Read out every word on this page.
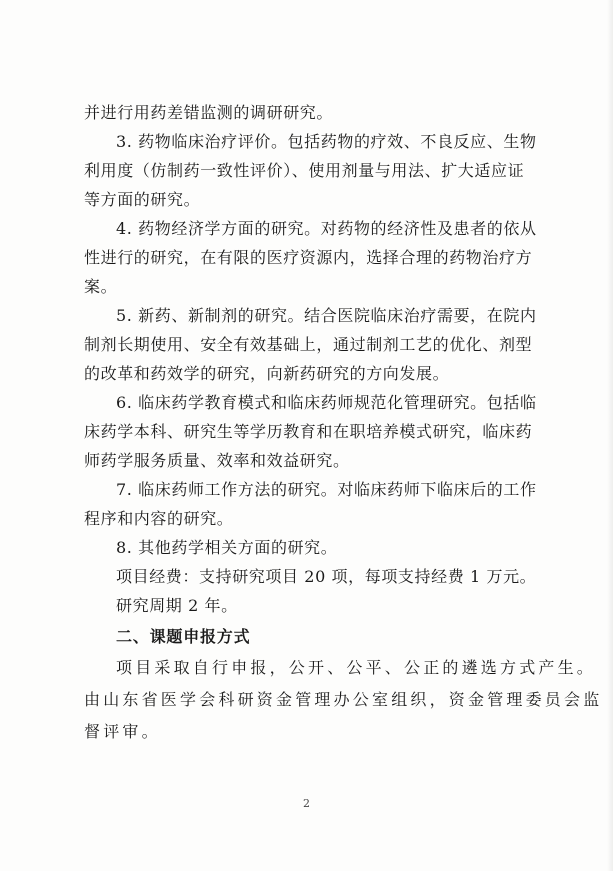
并进行用药差错监测的调研研究。
3. 药物临床治疗评价。包括药物的疗效、不良反应、生物
利用度（仿制药一致性评价）、使用剂量与用法、扩大适应证
等方面的研究。
4. 药物经济学方面的研究。对药物的经济性及患者的依从
性进行的研究，在有限的医疗资源内，选择合理的药物治疗方
案。
5. 新药、新制剂的研究。结合医院临床治疗需要，在院内
制剂长期使用、安全有效基础上，通过制剂工艺的优化、剂型
的改革和药效学的研究，向新药研究的方向发展。
6. 临床药学教育模式和临床药师规范化管理研究。包括临
床药学本科、研究生等学历教育和在职培养模式研究，临床药
师药学服务质量、效率和效益研究。
7. 临床药师工作方法的研究。对临床药师下临床后的工作
程序和内容的研究。
8. 其他药学相关方面的研究。
项目经费：支持研究项目 20 项，每项支持经费 1 万元。
研究周期 2 年。
二、课题申报方式
项目采取自行申报，公开、公平、公正的遴选方式产生。
由山东省医学会科研资金管理办公室组织，资金管理委员会监
督评审。
2
